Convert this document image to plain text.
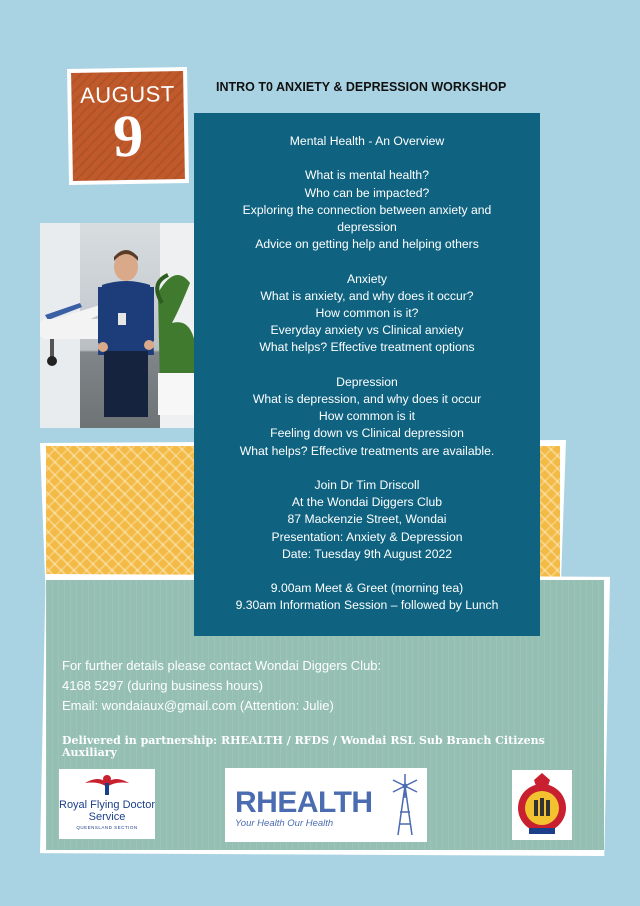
AUGUST
9
INTRO T0 ANXIETY & DEPRESSION WORKSHOP
Mental Health - An Overview
What is mental health?
Who can be impacted?
Exploring the connection between anxiety and
depression
Advice on getting help and helping others
Anxiety
What is anxiety, and why does it occur?
How common is it?
Everyday anxiety vs Clinical anxiety
What helps? Effective treatment options
Depression
What is depression, and why does it occur
How common is it
Feeling down vs Clinical depression
What helps? Effective treatments are available.
Join Dr Tim Driscoll
At the Wondai Diggers Club
87 Mackenzie Street, Wondai
Presentation: Anxiety & Depression
Date: Tuesday 9th August 2022
9.00am Meet & Greet (morning tea)
9.30am Information Session – followed by Lunch
For further details please contact Wondai Diggers Club:
4168 5297 (during business hours)
Email: wondaiaux@gmail.com (Attention: Julie)
Delivered in partnership: RHEALTH / RFDS / Wondai RSL Sub Branch Citizens Auxiliary
Royal Flying Doctor Service
QUEENSLAND SECTION
RHEALTH
Your Health Our Health
